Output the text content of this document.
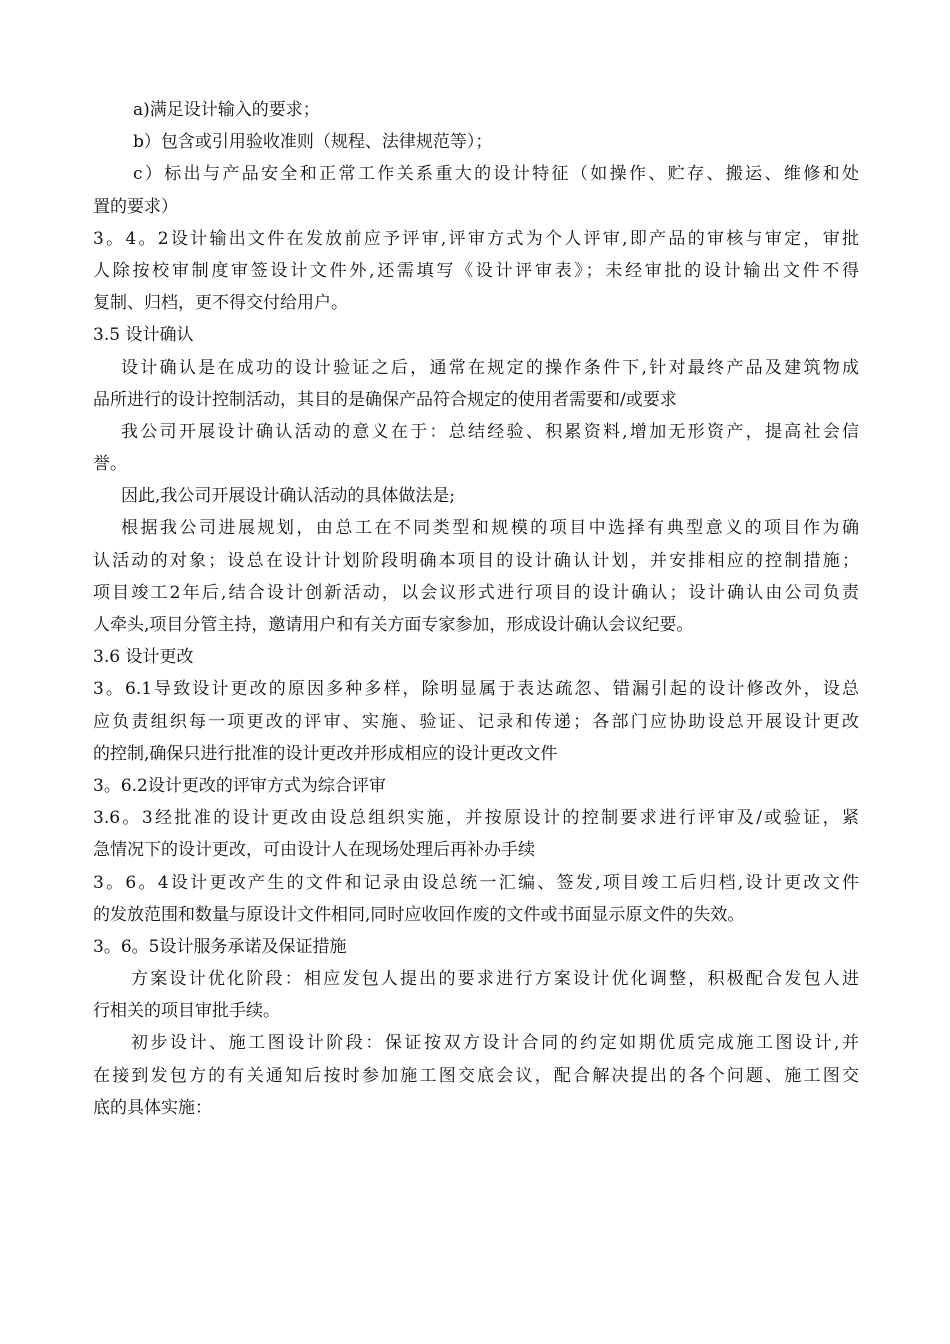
a)满足设计输入的要求；
b）包含或引用验收准则（规程、法律规范等）；
c）标出与产品安全和正常工作关系重大的设计特征（如操作、贮存、搬运、维修和处
置的要求）
3。4。2设计输出文件在发放前应予评审,评审方式为个人评审,即产品的审核与审定，审批
人除按校审制度审签设计文件外,还需填写《设计评审表》；未经审批的设计输出文件不得
复制、归档，更不得交付给用户。
3.5 设计确认
设计确认是在成功的设计验证之后，通常在规定的操作条件下,针对最终产品及建筑物成
品所进行的设计控制活动，其目的是确保产品符合规定的使用者需要和/或要求
我公司开展设计确认活动的意义在于：总结经验、积累资料,增加无形资产，提高社会信
誉。
因此,我公司开展设计确认活动的具体做法是;
根据我公司进展规划，由总工在不同类型和规模的项目中选择有典型意义的项目作为确
认活动的对象；设总在设计计划阶段明确本项目的设计确认计划，并安排相应的控制措施；
项目竣工2年后,结合设计创新活动，以会议形式进行项目的设计确认；设计确认由公司负责
人牵头,项目分管主持，邀请用户和有关方面专家参加，形成设计确认会议纪要。
3.6 设计更改
3。6.1导致设计更改的原因多种多样，除明显属于表达疏忽、错漏引起的设计修改外，设总
应负责组织每一项更改的评审、实施、验证、记录和传递；各部门应协助设总开展设计更改
的控制,确保只进行批准的设计更改并形成相应的设计更改文件
3。6.2设计更改的评审方式为综合评审
3.6。3经批准的设计更改由设总组织实施，并按原设计的控制要求进行评审及/或验证，紧
急情况下的设计更改，可由设计人在现场处理后再补办手续
3。6。4设计更改产生的文件和记录由设总统一汇编、签发,项目竣工后归档,设计更改文件
的发放范围和数量与原设计文件相同,同时应收回作废的文件或书面显示原文件的失效。
3。6。5设计服务承诺及保证措施
方案设计优化阶段：相应发包人提出的要求进行方案设计优化调整，积极配合发包人进
行相关的项目审批手续。
初步设计、施工图设计阶段：保证按双方设计合同的约定如期优质完成施工图设计,并
在接到发包方的有关通知后按时参加施工图交底会议，配合解决提出的各个问题、施工图交
底的具体实施：
